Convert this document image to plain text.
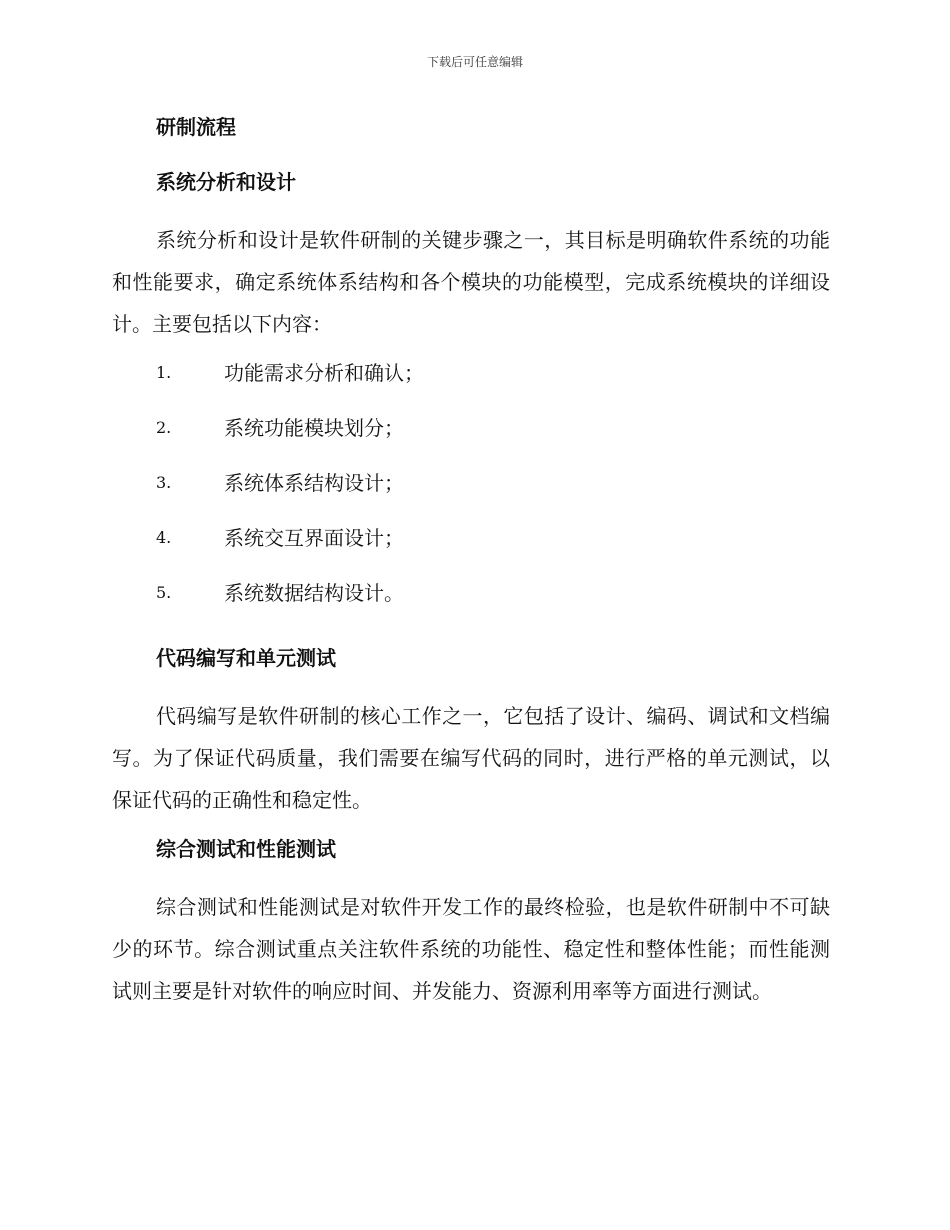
下载后可任意编辑
研制流程
系统分析和设计

系统分析和设计是软件研制的关键步骤之一，其目标是明确软件系统的功能和性能要求，确定系统体系结构和各个模块的功能模型，完成系统模块的详细设计。主要包括以下内容：

1.	功能需求分析和确认；
2.	系统功能模块划分；
3.	系统体系结构设计；
4.	系统交互界面设计；
5.	系统数据结构设计。
代码编写和单元测试

代码编写是软件研制的核心工作之一，它包括了设计、编码、调试和文档编写。为了保证代码质量，我们需要在编写代码的同时，进行严格的单元测试，以保证代码的正确性和稳定性。

综合测试和性能测试

综合测试和性能测试是对软件开发工作的最终检验，也是软件研制中不可缺少的环节。综合测试重点关注软件系统的功能性、稳定性和整体性能；而性能测试则主要是针对软件的响应时间、并发能力、资源利用率等方面进行测试。
